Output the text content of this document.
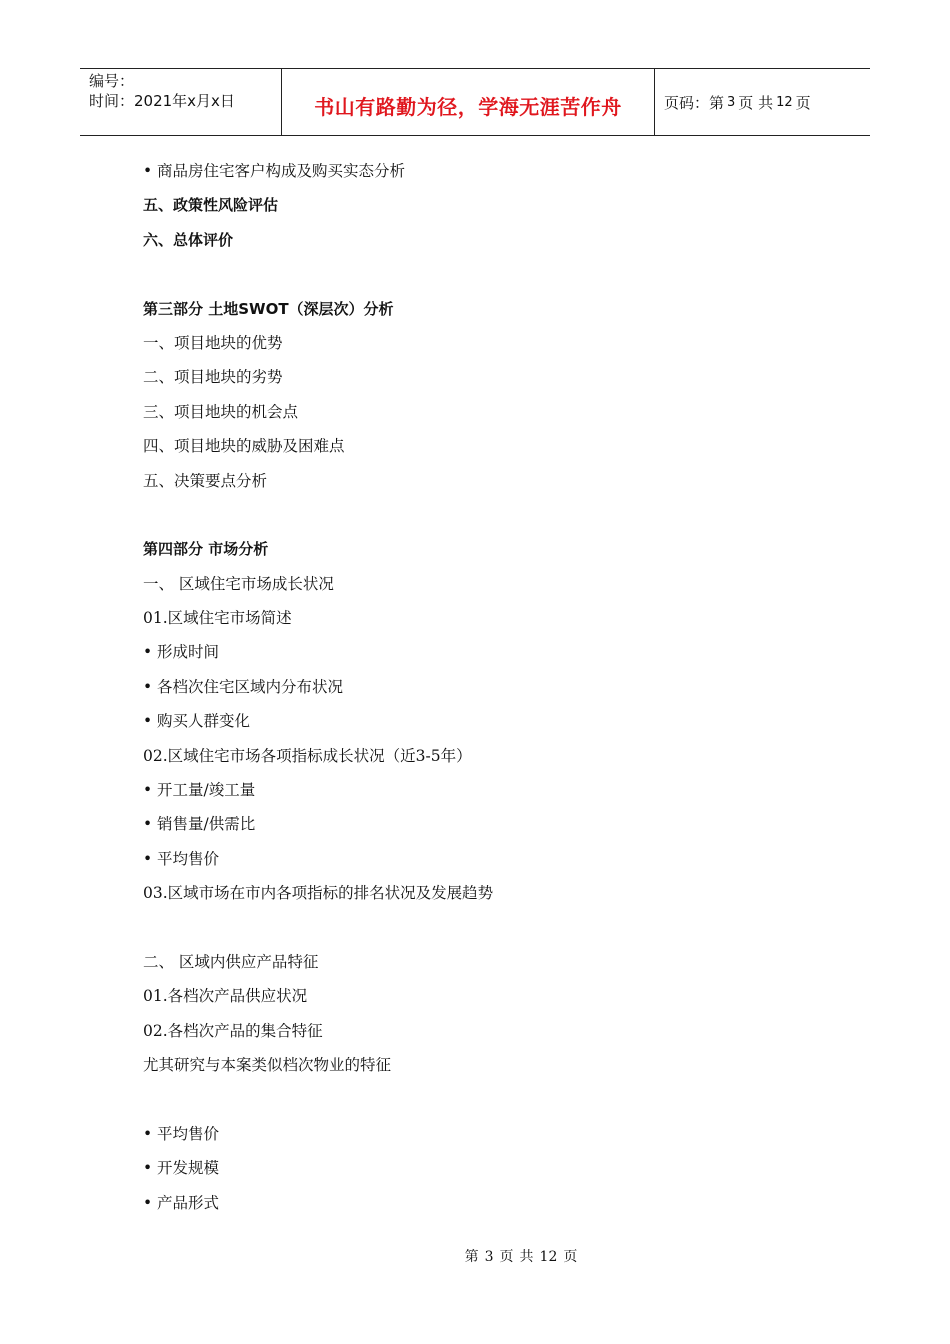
编号：
时间：2021年x月x日	书山有路勤为径，学海无涯苦作舟	页码：第 3 页 共 12 页
• 商品房住宅客户构成及购买实态分析
五、政策性风险评估
六、总体评价
第三部分 土地SWOT（深层次）分析
一、项目地块的优势
二、项目地块的劣势
三、项目地块的机会点
四、项目地块的威胁及困难点
五、决策要点分析
第四部分 市场分析
一、 区域住宅市场成长状况
01.区域住宅市场简述
• 形成时间
• 各档次住宅区域内分布状况
• 购买人群变化
02.区域住宅市场各项指标成长状况（近3-5年）
• 开工量/竣工量
• 销售量/供需比
• 平均售价
03.区域市场在市内各项指标的排名状况及发展趋势
二、 区域内供应产品特征
01.各档次产品供应状况
02.各档次产品的集合特征
尤其研究与本案类似档次物业的特征
• 平均售价
• 开发规模
• 产品形式
第 3 页 共 12 页
